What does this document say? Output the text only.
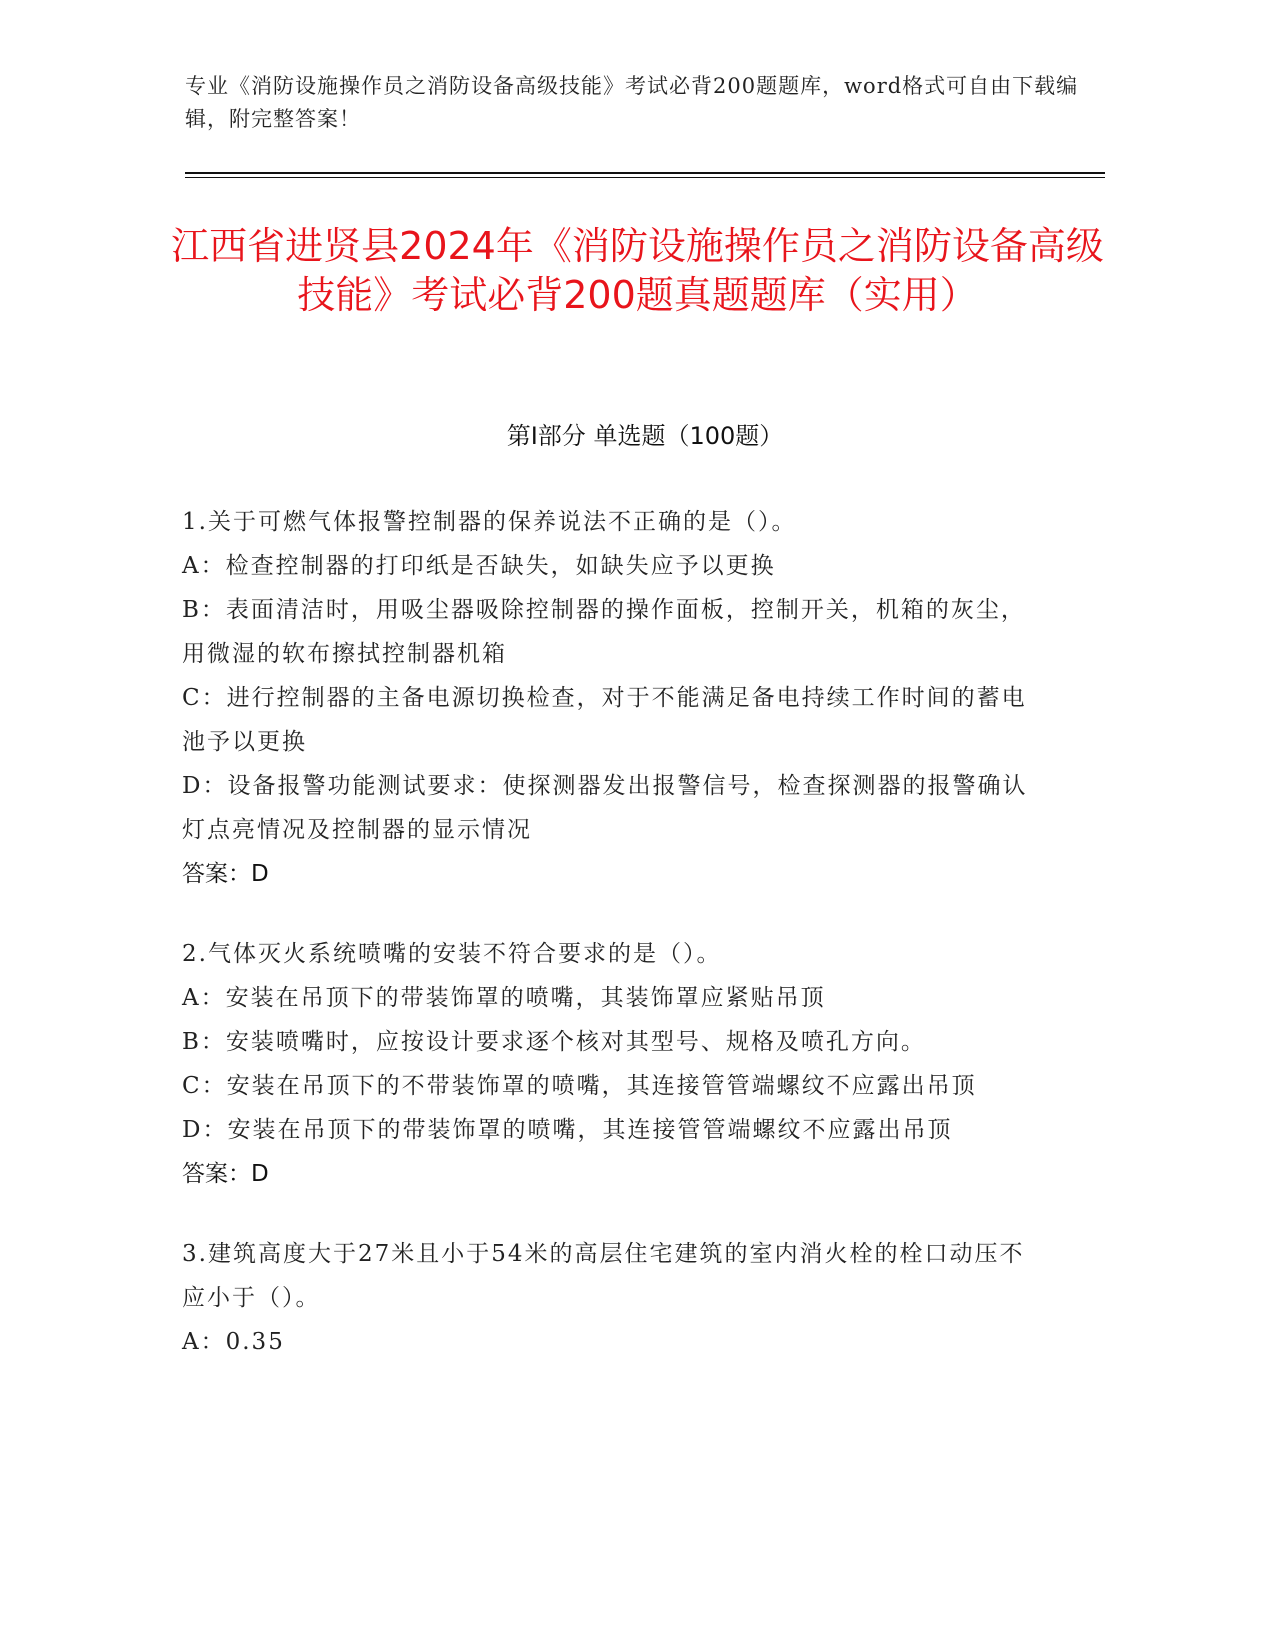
专业《消防设施操作员之消防设备高级技能》考试必背200题题库，word格式可自由下载编辑，附完整答案！
江西省进贤县2024年《消防设施操作员之消防设备高级技能》考试必背200题真题题库（实用）
第Ⅰ部分 单选题（100题）
1.关于可燃气体报警控制器的保养说法不正确的是（）。
A：检查控制器的打印纸是否缺失，如缺失应予以更换
B：表面清洁时，用吸尘器吸除控制器的操作面板，控制开关，机箱的灰尘，用微湿的软布擦拭控制器机箱
C：进行控制器的主备电源切换检查，对于不能满足备电持续工作时间的蓄电池予以更换
D：设备报警功能测试要求：使探测器发出报警信号，检查探测器的报警确认灯点亮情况及控制器的显示情况
答案：D
2.气体灭火系统喷嘴的安装不符合要求的是（）。
A：安装在吊顶下的带装饰罩的喷嘴，其装饰罩应紧贴吊顶
B：安装喷嘴时，应按设计要求逐个核对其型号、规格及喷孔方向。
C：安装在吊顶下的不带装饰罩的喷嘴，其连接管管端螺纹不应露出吊顶
D：安装在吊顶下的带装饰罩的喷嘴，其连接管管端螺纹不应露出吊顶
答案：D
3.建筑高度大于27米且小于54米的高层住宅建筑的室内消火栓的栓口动压不应小于（）。
A：0.35
